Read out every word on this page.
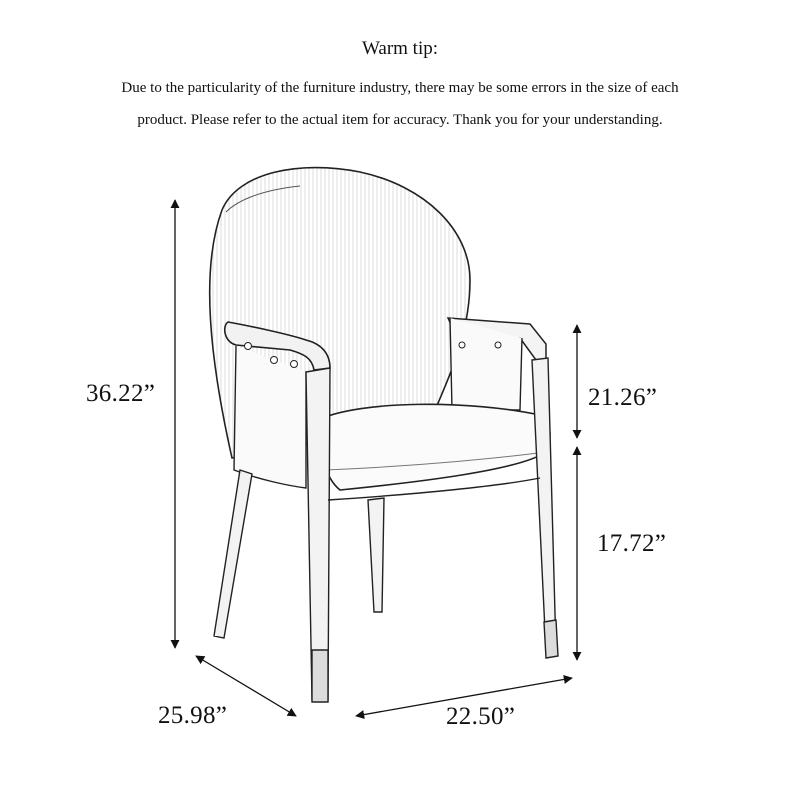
Warm tip:
Due to the particularity of the furniture industry, there may be some errors in the size of each
product. Please refer to the actual item for accuracy. Thank you for your understanding.
36.22”	21.26”
17.72”
25.98”	22.50”
